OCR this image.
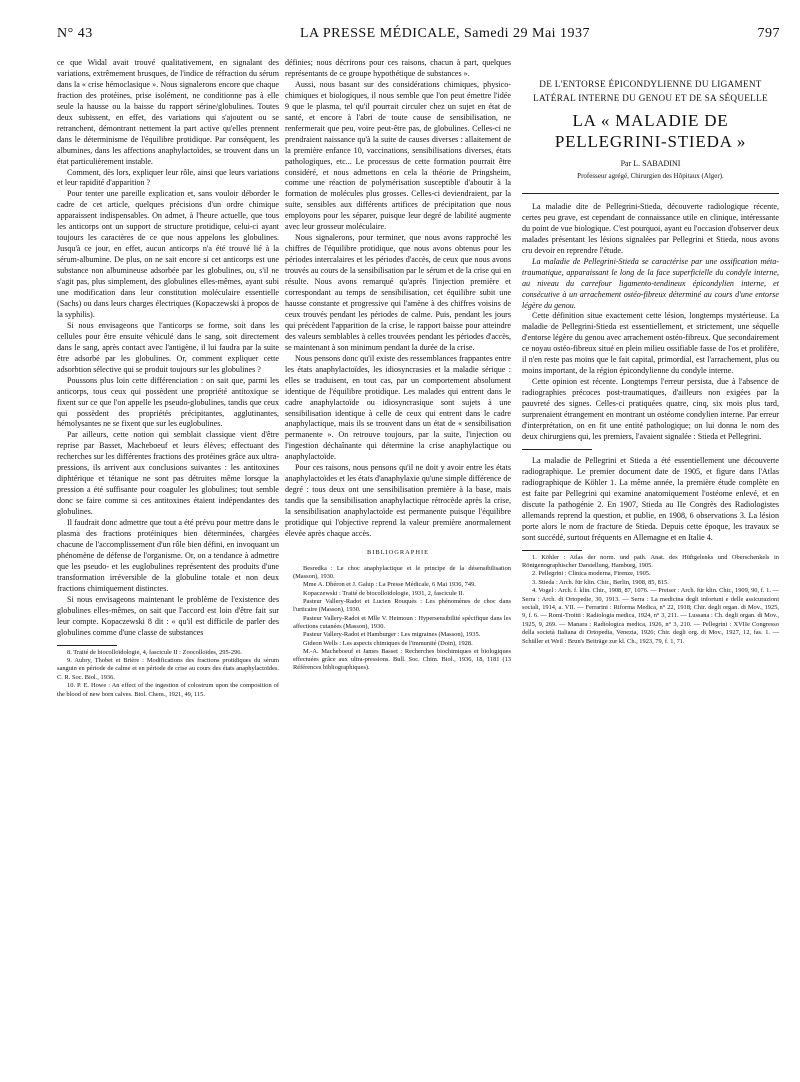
N° 43	LA PRESSE MÉDICALE, Samedi 29 Mai 1937	797

ce que Widal avait trouvé qualitativement, en signalant des variations, extrêmement brusques, de l'indice de réfraction du sérum dans la « crise hémoclasique ». Nous signalerons encore que chaque fraction des protéines, prise isolément, ne conditionne pas à elle seule la hausse ou la baisse du rapport sérine/globulines. Toutes deux subissent, en effet, des variations qui s'ajoutent ou se retranchent, démontrant nettement la part active qu'elles prennent dans le déterminisme de l'équilibre protidique. Par conséquent, les albumines, dans les affections anaphylactoïdes, se trouvent dans un état particulièrement instable.

Comment, dès lors, expliquer leur rôle, ainsi que leurs variations et leur rapidité d'apparition ?

Pour tenter une pareille explication et, sans vouloir déborder le cadre de cet article, quelques précisions d'un ordre chimique apparaissent indispensables. On admet, à l'heure actuelle, que tous les anticorps ont un support de structure protidique, celui-ci ayant toujours les caractères de ce que nous appelons les globulines. Jusqu'à ce jour, en effet, aucun anticorps n'a été trouvé lié à la sérum-albumine. De plus, on ne sait encore si cet anticorps est une substance non albumineuse adsorbée par les globulines, ou, s'il ne s'agit pas, plus simplement, des globulines elles-mêmes, ayant subi une modification dans leur constitution moléculaire essentielle (Sachs) ou dans leurs charges électriques (Kopaczewski à propos de la syphilis).

Si nous envisageons que l'anticorps se forme, soit dans les cellules pour être ensuite véhiculé dans le sang, soit directement dans le sang, après contact avec l'antigène, il lui faudra par la suite être adsorbé par les globulines. Or, comment expliquer cette adsorbtion sélective qui se produit toujours sur les globulines ?

Poussons plus loin cette différenciation : on sait que, parmi les anticorps, tous ceux qui possèdent une propriété antitoxique se fixent sur ce que l'on appelle les pseudo-globulines, tandis que ceux qui possèdent des propriétés précipitantes, agglutinantes, hémolysantes ne se fixent que sur les euglobulines.

Par ailleurs, cette notion qui semblait classique vient d'être reprise par Basset, Macheboeuf et leurs élèves; effectuant des recherches sur les différentes fractions des protéines grâce aux ultra-pressions, ils arrivent aux conclusions suivantes : les antitoxines diphtérique et tétanique ne sont pas détruites même lorsque la pression a été suffisante pour coaguler les globulines; tout semble donc se faire comme si ces antitoxines étaient indépendantes des globulines.

Il faudrait donc admettre que tout a été prévu pour mettre dans le plasma des fractions protéiniques bien déterminées, chargées chacune de l'accomplissement d'un rôle bien défini, en invoquant un phénomène de défense de l'organisme. Or, on a tendance à admettre que les pseudo- et les euglobulines représentent des produits d'une transformation irréversible de la globuline totale et non deux fractions chimiquement distinctes.

Si nous envisageons maintenant le problème de l'existence des globulines elles-mêmes, on sait que l'accord est loin d'être fait sur leur compte. Kopaczewski 8 dit : « qu'il est difficile de parler des globulines comme d'une classe de substances

8. Traité de biocolloïdologie, 4, fascicule II : Zoocolloïdes, 295-296.

9. Aubry, Thobet et Brière : Modifications des fractions protidiques du sérum sanguin en période de calme et en période de crise au cours des états anaphylactoïdes. C. R. Soc. Biol., 1936.

10. P. E. Howe : An effect of the ingestion of colostrum upon the composition of the blood of new born calves. Biol. Chem., 1921, 49, 115.

définies; nous décrirons pour ces raisons, chacun à part, quelques représentants de ce groupe hypothétique de substances ».

Aussi, nous basant sur des considérations chimiques, physico-chimiques et biologiques, il nous semble que l'on peut émettre l'idée 9 que le plasma, tel qu'il pourrait circuler chez un sujet en état de santé, et encore à l'abri de toute cause de sensibilisation, ne renfermerait que peu, voire peut-être pas, de globulines. Celles-ci ne prendraient naissance qu'à la suite de causes diverses : allaitement de la première enfance 10, vaccinations, sensibilisations diverses, états pathologiques, etc... Le processus de cette formation pourrait être considéré, et nous admettons en cela la théorie de Pringsheim, comme une réaction de polymérisation susceptible d'aboutir à la formation de molécules plus grosses. Celles-ci deviendraient, par la suite, sensibles aux différents artifices de précipitation que nous employons pour les séparer, puisque leur degré de labilité augmente avec leur grosseur moléculaire.

Nous signalerons, pour terminer, que nous avons rapproché les chiffres de l'équilibre protidique, que nous avons obtenus pour les périodes intercalaires et les périodes d'accès, de ceux que nous avons trouvés au cours de la sensibilisation par le sérum et de la crise qui en résulte. Nous avons remarqué qu'après l'injection première et correspondant au temps de sensibilisation, cet équilibre subit une hausse constante et progressive qui l'amène à des chiffres voisins de ceux trouvés pendant les périodes de calme. Puis, pendant les jours qui précèdent l'apparition de la crise, le rapport baisse pour atteindre des valeurs semblables à celles trouvées pendant les périodes d'accès, se maintenant à son minimum pendant la durée de la crise.

Nous pensons donc qu'il existe des ressemblances frappantes entre les états anaphylactoïdes, les idiosyncrasies et la maladie sérique : elles se traduisent, en tout cas, par un comportement absolument identique de l'équilibre protidique. Les malades qui entrent dans le cadre anaphylactoïde ou idiosyncrasique sont sujets à une sensibilisation identique à celle de ceux qui entrent dans le cadre anaphylactique, mais ils se trouvent dans un état de « sensibilisation permanente ». On retrouve toujours, par la suite, l'injection ou l'ingestion déchaînante qui détermine la crise anaphylactique ou anaphylactoïde.

Pour ces raisons, nous pensons qu'il ne doit y avoir entre les états anaphylactoïdes et les états d'anaphylaxie qu'une simple différence de degré : tous deux ont une sensibilisation première à la base, mais tandis que la sensibilisation anaphylactique rétrocède après la crise, la sensibilisation anaphylactoïde est permanente puisque l'équilibre protidique qui l'objective reprend la valeur première anormalement élevée après chaque accès.

BIBLIOGRAPHIE

Besredka : Le choc anaphylactique et le principe de la désensibilisation (Masson), 1930.

Mme A. Dhéron et J. Galup : La Presse Médicale, 6 Mai 1936, 749.

Kopaczewski : Traité de biocolloïdologie, 1931, 2, fascicule II.

Pasteur Vallery-Radot et Lucien Rouquès : Les phénomènes de choc dans l'urticaire (Masson), 1930.

Pasteur Vallery-Radot et Mlle V. Heimoun : Hypersensibilité spécifique dans les affections cutanées (Masson), 1930.

Pasteur Vallery-Radot et Hamburger : Les migraines (Masson), 1935.

Gideon Wells : Les aspects chimiques de l'immunité (Doin), 1928.

M.-A. Macheboeuf et James Basset : Recherches biochimiques et biologiques effectuées grâce aux ultra-pressions. Bull. Soc. Chim. Biol., 1936, 18, 1181 (13 Références bibliographiques).

DE L'ENTORSE ÉPICONDYLIENNE DU LIGAMENT LATÉRAL INTERNE DU GENOU ET DE SA SÉQUELLE
LA « MALADIE DE PELLEGRINI-STIEDA »
Par L. SABADINI
Professeur agrégé, Chirurgien des Hôpitaux (Alger).

La maladie dite de Pellegrini-Stieda, découverte radiologique récente, certes peu grave, est cependant de connaissance utile en clinique, intéressante du point de vue biologique. C'est pourquoi, ayant eu l'occasion d'observer deux malades présentant les lésions signalées par Pellegrini et Stieda, nous avons cru devoir en reprendre l'étude.

La maladie de Pellegrini-Stieda se caractérise par une ossification méta-traumatique, apparaissant le long de la face superficielle du condyle interne, au niveau du carrefour ligamento-tendineux épicondylien interne, et consécutive à un arrachement ostéo-fibreux déterminé au cours d'une entorse légère du genou.

Cette définition situe exactement cette lésion, longtemps mystérieuse. La maladie de Pellegrini-Stieda est essentiellement, et strictement, une séquelle d'entorse légère du genou avec arrachement ostéo-fibreux. Que secondairement ce noyau ostéo-fibreux situé en plein milieu ossifiable fasse de l'os et prolifère, il n'en reste pas moins que le fait capital, primordial, est l'arrachement, plus ou moins important, de la région épicondylienne du condyle interne.

Cette opinion est récente. Longtemps l'erreur persista, due à l'absence de radiographies précoces post-traumatiques, d'ailleurs non exigées par la pauvreté des signes. Celles-ci pratiquées quatre, cinq, six mois plus tard, surprenaient étrangement en montrant un ostéome condylien interne. Par erreur d'interprétation, on en fit une entité pathologique; on lui donna le nom des deux chirurgiens qui, les premiers, l'avaient signalée : Stieda et Pellegrini.

La maladie de Pellegrini et Stieda a été essentiellement une découverte radiographique. Le premier document date de 1905, et figure dans l'Atlas radiographique de Köhler 1. La même année, la première étude complète en est faite par Pellegrini qui examine anatomiquement l'ostéome enlevé, et en discute la pathogénie 2. En 1907, Stieda au IIe Congrès des Radiologistes allemands reprend la question, et publie, en 1908, 6 observations 3. La lésion porte alors le nom de fracture de Stieda. Depuis cette époque, les travaux se sont succédé, surtout fréquents en Allemagne et en Italie 4.

1. Köhler : Atlas der norm. und path. Anat. des Hüftgelenks und Oberschenkels in Röntgenographischer Darstellung, Hamburg, 1905.

2. Pellegrini : Clinica moderna, Firenze, 1905.

3. Stieda : Arch. für klin. Chir., Berlin, 1908, 85, 815.

4. Vogel : Arch. f. klin. Chir., 1908, 87, 1076. — Preiser : Arch. für klin. Chir., 1909, 90, f. 1. — Serra : Arch. di Ortopedie, 30, 1913. — Serra : La medicina degli infortuni e delle assicurazioni sociali, 1914, a. VII. — Ferrarini : Riforma Medica, n° 22, 1918; Chir. degli organ. di Mov., 1925, 9, f. 6. — Romi-Troitti : Radiologia medica, 1924, n° 3, 211. — Lussana : Ch. degli organ. di Mov., 1925, 9, 269. — Manara : Radiologica medica, 1926, n° 3, 210. — Pellegrini : XVIIe Congresso della società Italiana di Ortopedia, Venezia, 1926; Chir. degli org. di Mov., 1927, 12, fas. 1. — Schüller et Weil : Brun's Beiträge zur kl. Ch., 1923, 79, f. 1, 71.
